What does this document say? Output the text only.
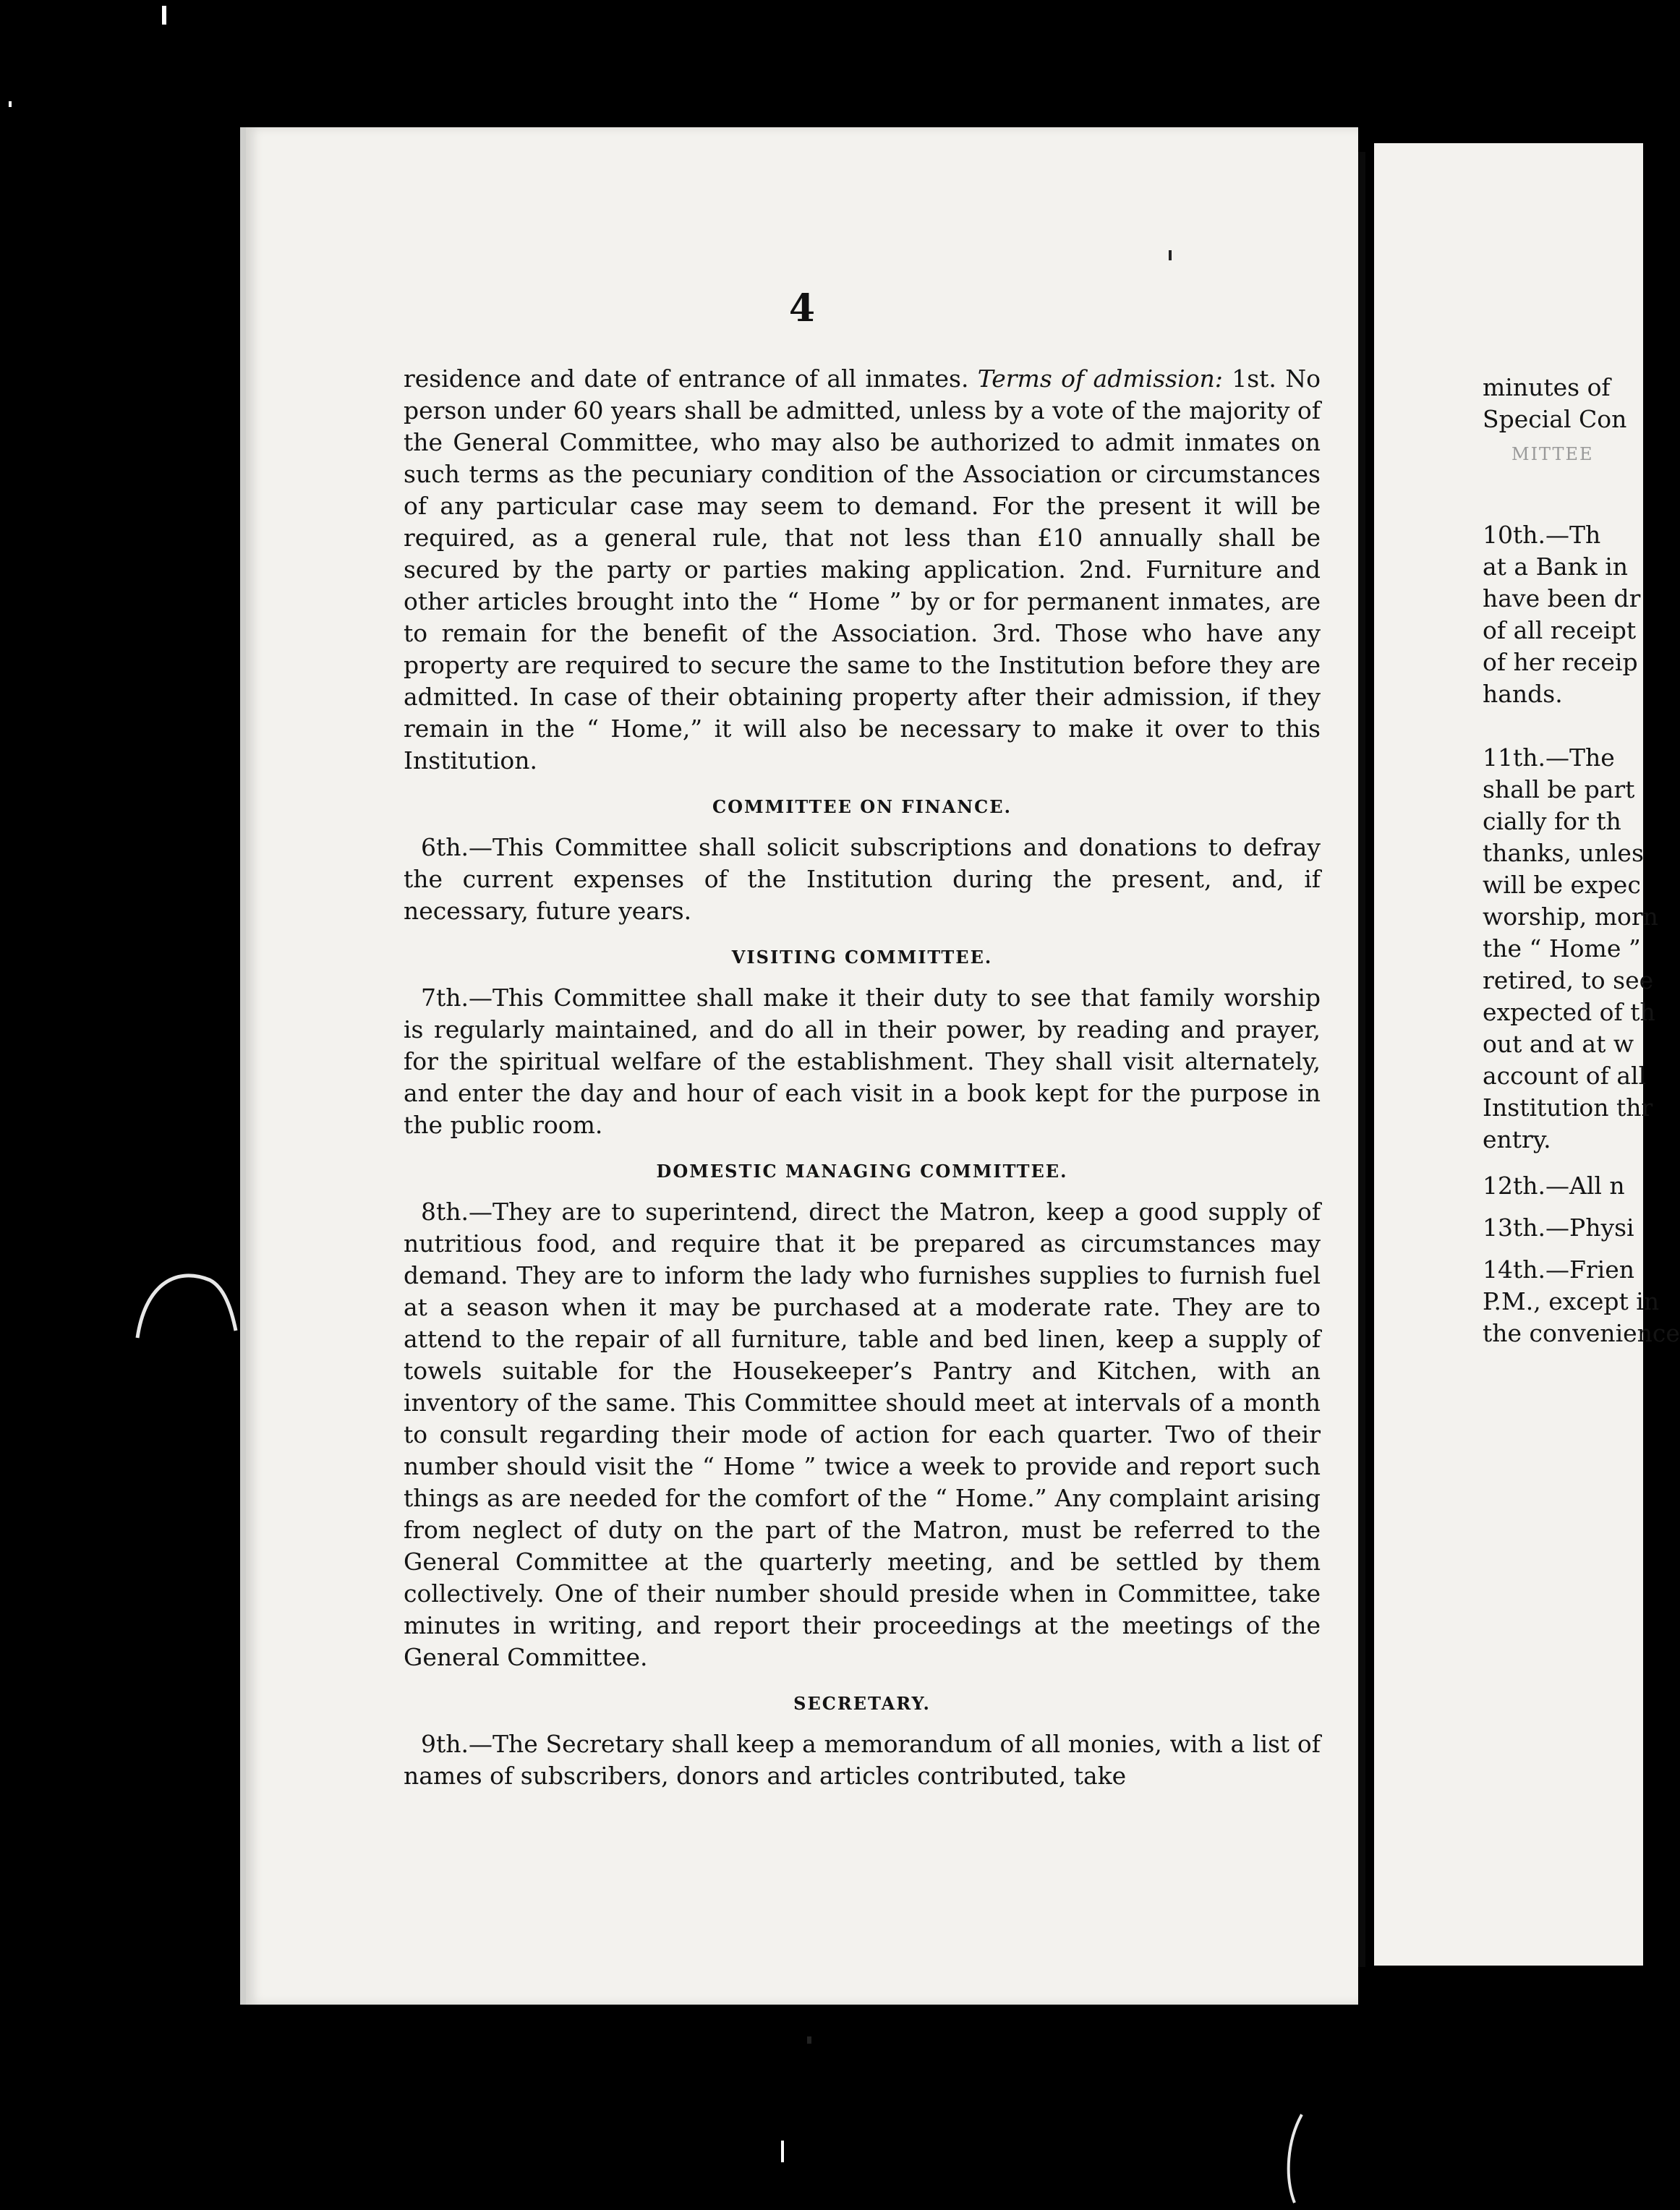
4

residence and date of entrance of all inmates. Terms of admission: 1st. No person under 60 years shall be admitted, unless by a vote of the majority of the General Committee, who may also be authorized to admit inmates on such terms as the pecuniary condition of the Association or circumstances of any particular case may seem to demand. For the present it will be required, as a general rule, that not less than £10 annually shall be secured by the party or parties making application. 2nd. Furniture and other articles brought into the “ Home ” by or for permanent inmates, are to remain for the benefit of the Association. 3rd. Those who have any property are required to secure the same to the Institution before they are admitted. In case of their obtaining property after their admission, if they remain in the “ Home,” it will also be necessary to make it over to this Institution.

COMMITTEE ON FINANCE.

6th.—This Committee shall solicit subscriptions and donations to defray the current expenses of the Institution during the present, and, if necessary, future years.

VISITING COMMITTEE.

7th.—This Committee shall make it their duty to see that family worship is regularly maintained, and do all in their power, by reading and prayer, for the spiritual welfare of the establishment. They shall visit alternately, and enter the day and hour of each visit in a book kept for the purpose in the public room.

DOMESTIC MANAGING COMMITTEE.

8th.—They are to superintend, direct the Matron, keep a good supply of nutritious food, and require that it be prepared as circumstances may demand. They are to inform the lady who furnishes supplies to furnish fuel at a season when it may be purchased at a moderate rate. They are to attend to the repair of all furniture, table and bed linen, keep a supply of towels suitable for the Housekeeper’s Pantry and Kitchen, with an inventory of the same. This Committee should meet at intervals of a month to consult regarding their mode of action for each quarter. Two of their number should visit the “ Home ” twice a week to provide and report such things as are needed for the comfort of the “ Home.” Any complaint arising from neglect of duty on the part of the Matron, must be referred to the General Committee at the quarterly meeting, and be settled by them collectively. One of their number should preside when in Committee, take minutes in writing, and report their proceedings at the meetings of the General Committee.

SECRETARY.

9th.—The Secretary shall keep a memorandum of all monies, with a list of names of subscribers, donors and articles contributed, take

minutes of

Special Con

MITTEE

10th.—Th

at a Bank in

have been dr

of all receipt

of her receip

hands.

11th.—The

shall be part

cially for th

thanks, unles

will be expec

worship, morn

the “ Home ”

retired, to see

expected of th

out and at w

account of all

Institution thr

entry.

12th.—All n

13th.—Physi

14th.—Frien

P.M., except in

the convenience
